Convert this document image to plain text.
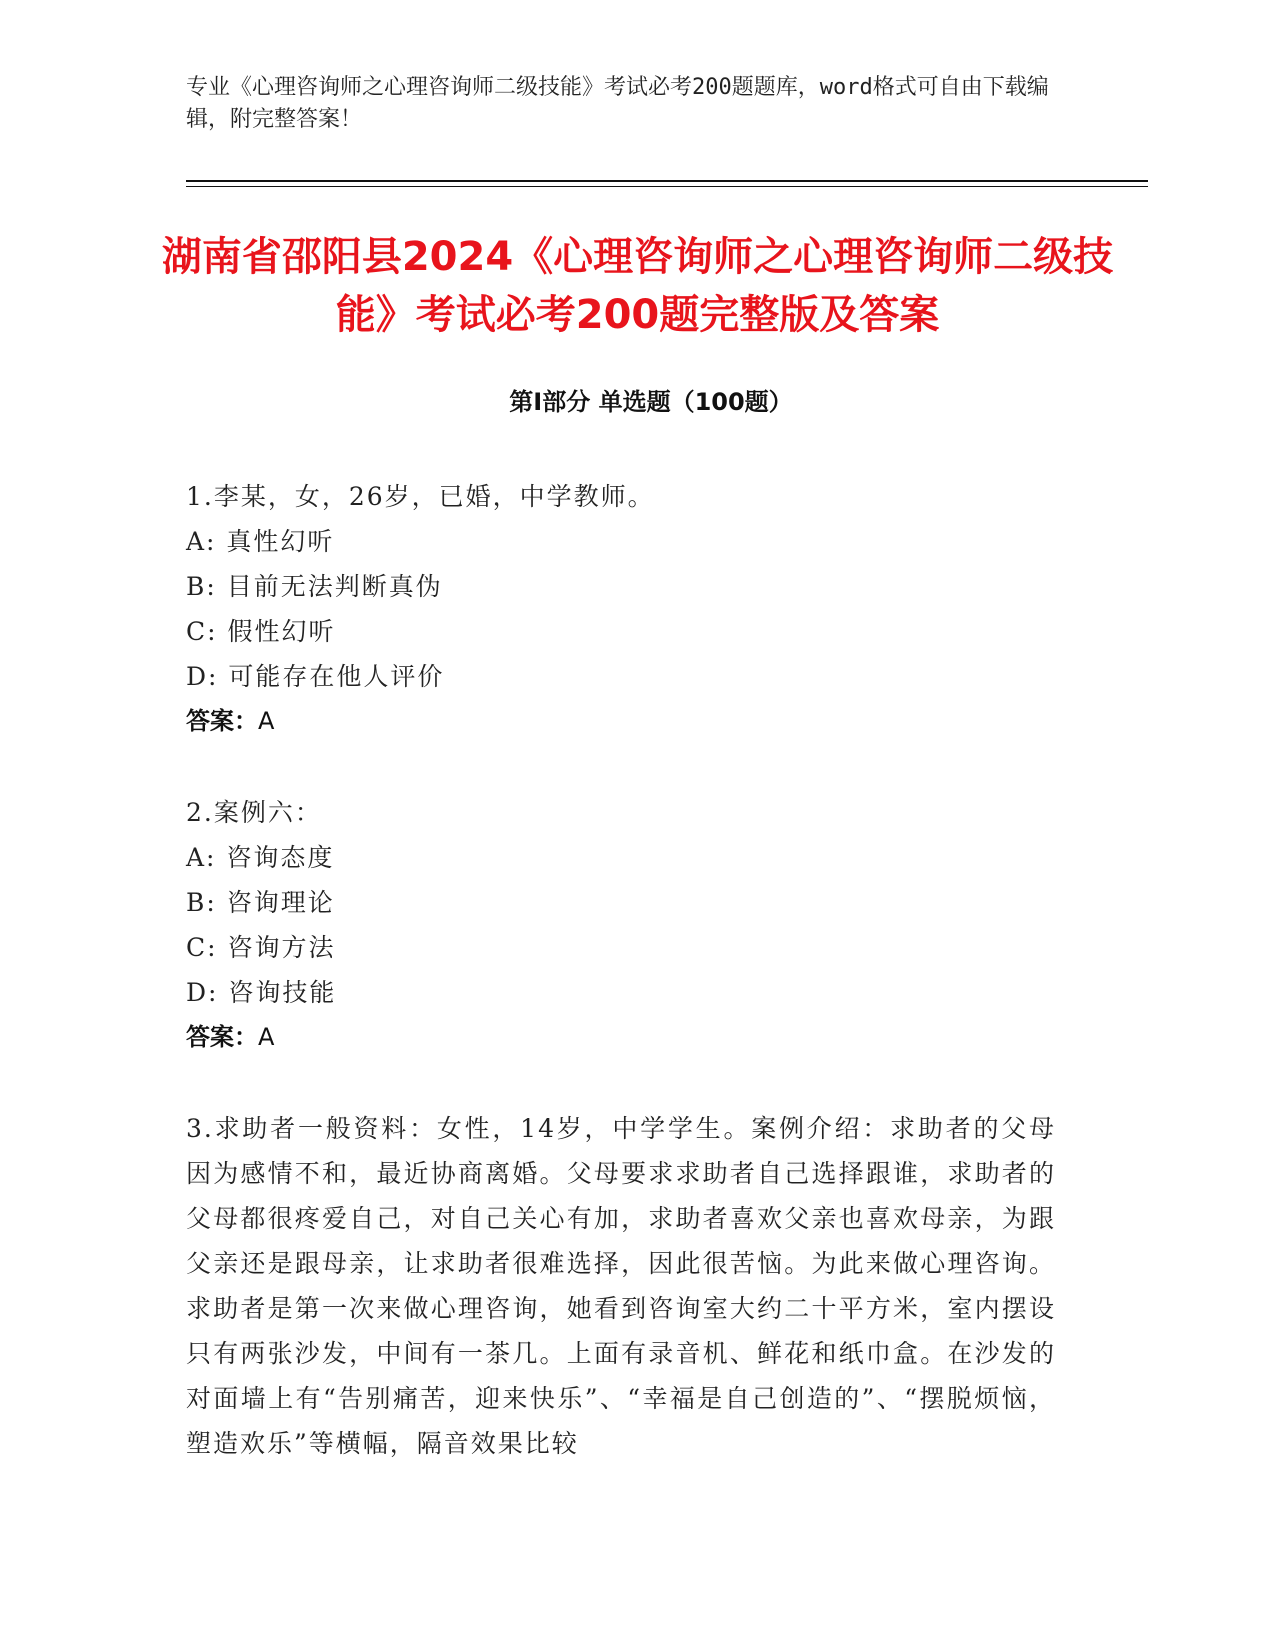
专业《心理咨询师之心理咨询师二级技能》考试必考200题题库，word格式可自由下载编辑，附完整答案！
湖南省邵阳县2024《心理咨询师之心理咨询师二级技能》考试必考200题完整版及答案
第Ⅰ部分 单选题（100题）
1.李某，女，26岁，已婚，中学教师。
A: 真性幻听
B: 目前无法判断真伪
C: 假性幻听
D: 可能存在他人评价
答案：A
2.案例六：
A: 咨询态度
B: 咨询理论
C: 咨询方法
D: 咨询技能
答案：A
3.求助者一般资料：女性，14岁，中学学生。案例介绍：求助者的父母因为感情不和，最近协商离婚。父母要求求助者自己选择跟谁，求助者的父母都很疼爱自己，对自己关心有加，求助者喜欢父亲也喜欢母亲，为跟父亲还是跟母亲，让求助者很难选择，因此很苦恼。为此来做心理咨询。求助者是第一次来做心理咨询，她看到咨询室大约二十平方米，室内摆设只有两张沙发，中间有一茶几。上面有录音机、鲜花和纸巾盒。在沙发的对面墙上有“告别痛苦，迎来快乐”、“幸福是自己创造的”、“摆脱烦恼，塑造欢乐”等横幅，隔音效果比较
